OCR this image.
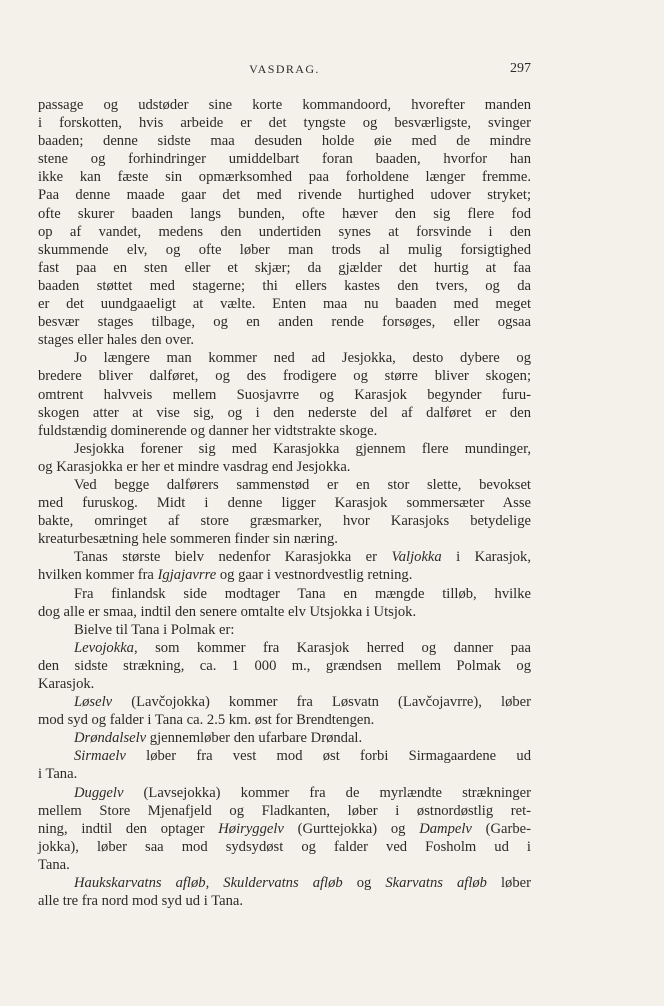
VASDRAG.	297

passage og udstøder sine korte kommandoord, hvorefter manden
i forskotten, hvis arbeide er det tyngste og besværligste, svinger
baaden; denne sidste maa desuden holde øie med de mindre
stene og forhindringer umiddelbart foran baaden, hvorfor han
ikke kan fæste sin opmærksomhed paa forholdene længer fremme.
Paa denne maade gaar det med rivende hurtighed udover stryket;
ofte skurer baaden langs bunden, ofte hæver den sig flere fod
op af vandet, medens den undertiden synes at forsvinde i den
skummende elv, og ofte løber man trods al mulig forsigtighed
fast paa en sten eller et skjær; da gjælder det hurtig at faa
baaden støttet med stagerne; thi ellers kastes den tvers, og da
er det uundgaaeligt at vælte. Enten maa nu baaden med meget
besvær stages tilbage, og en anden rende forsøges, eller ogsaa
stages eller hales den over.

Jo længere man kommer ned ad Jesjokka, desto dybere og
bredere bliver dalføret, og des frodigere og større bliver skogen;
omtrent halvveis mellem Suosjavrre og Karasjok begynder furu-
skogen atter at vise sig, og i den nederste del af dalføret er den
fuldstændig dominerende og danner her vidtstrakte skoge.

Jesjokka forener sig med Karasjokka gjennem flere mundinger,
og Karasjokka er her et mindre vasdrag end Jesjokka.

Ved begge dalførers sammenstød er en stor slette, bevokset
med furuskog. Midt i denne ligger Karasjok sommersæter Asse
bakte, omringet af store græsmarker, hvor Karasjoks betydelige
kreaturbesætning hele sommeren finder sin næring.

Tanas største bielv nedenfor Karasjokka er Valjokka i Karasjok,
hvilken kommer fra Igjajavrre og gaar i vestnordvestlig retning.

Fra finlandsk side modtager Tana en mængde tilløb, hvilke
dog alle er smaa, indtil den senere omtalte elv Utsjokka i Utsjok.

Bielve til Tana i Polmak er:

Levojokka, som kommer fra Karasjok herred og danner paa
den sidste strækning, ca. 1 000 m., grændsen mellem Polmak og
Karasjok.

Løselv (Lavčojokka) kommer fra Løsvatn (Lavčojavrre), løber
mod syd og falder i Tana ca. 2.5 km. øst for Brendtengen.

Drøndalselv gjennemløber den ufarbare Drøndal.

Sirmaelv løber fra vest mod øst forbi Sirmagaardene ud
i Tana.

Duggelv (Lavsejokka) kommer fra de myrlændte strækninger
mellem Store Mjenafjeld og Fladkanten, løber i østnordøstlig ret-
ning, indtil den optager Høiryggelv (Gurttejokka) og Dampelv (Garbe-
jokka), løber saa mod sydsydøst og falder ved Fosholm ud i
Tana.

Haukskarvatns afløb, Skuldervatns afløb og Skarvatns afløb løber
alle tre fra nord mod syd ud i Tana.
